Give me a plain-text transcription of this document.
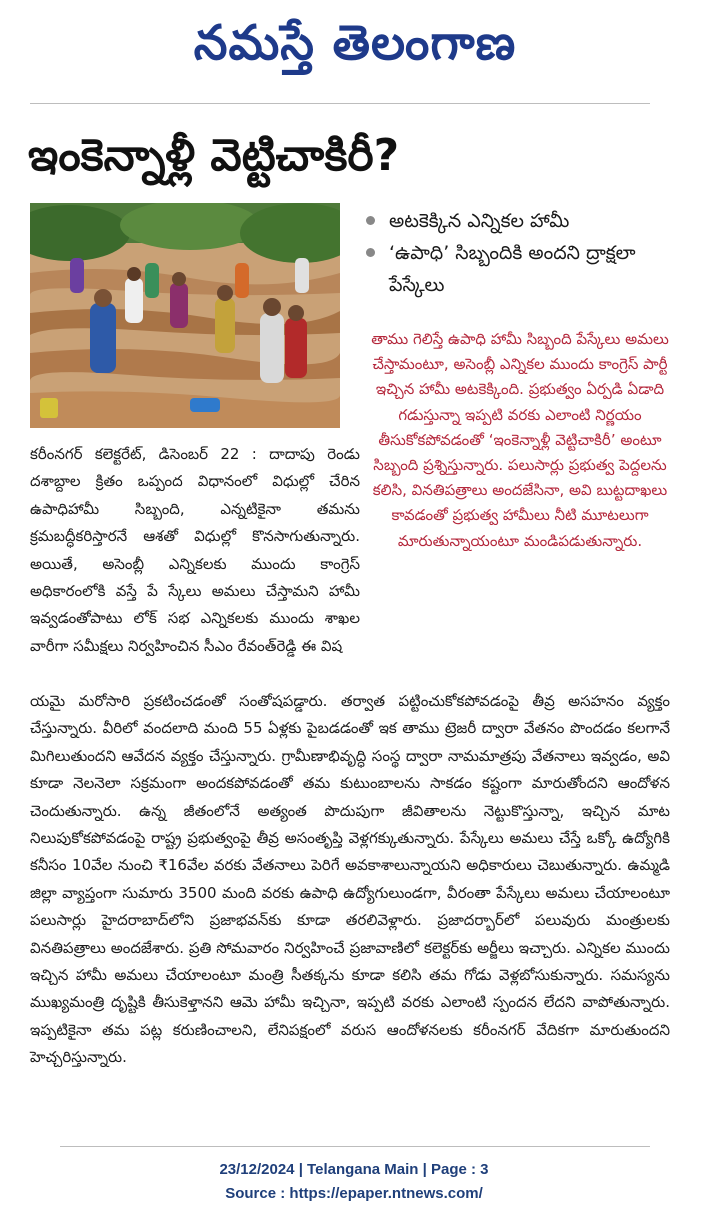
నమస్తే తెలంగాణ
ఇంకెన్నాళ్లీ వెట్టిచాకిరీ?
అటకెక్కిన ఎన్నికల హామీ
‘ఉపాధి’ సిబ్బందికి అందని ద్రాక్షలా పేస్కేలు
తాము గెలిస్తే ఉపాధి హామీ సిబ్బంది పేస్కేలు అమలు చేస్తామంటూ, అసెంబ్లీ ఎన్నికల ముందు కాంగ్రెస్ పార్టీ ఇచ్చిన హామీ అటకెక్కింది. ప్రభుత్వం ఏర్పడి ఏడాది గడుస్తున్నా ఇప్పటి వరకు ఎలాంటి నిర్ణయం తీసుకోకపోవడంతో ‘ఇంకెన్నాళ్లీ వెట్టిచాకిరీ’ అంటూ సిబ్బంది ప్రశ్నిస్తున్నారు. పలుసార్లు ప్రభుత్వ పెద్దలను కలిసి, వినతిపత్రాలు అందజేసినా, అవి బుట్టదాఖలు కావడంతో ప్రభుత్వ హామీలు నీటి మూటలుగా మారుతున్నాయంటూ మండిపడుతున్నారు.
కరీంనగర్ కలెక్టరేట్, డిసెంబర్ 22 : దాదాపు రెండు దశాబ్దాల క్రితం ఒప్పంద విధానంలో విధుల్లో చేరిన ఉపాధిహామీ సిబ్బంది, ఎన్నటికైనా తమను క్రమబద్ధీకరిస్తారనే ఆశతో విధుల్లో కొనసాగుతున్నారు. అయితే, అసెంబ్లీ ఎన్నికలకు ముందు కాంగ్రెస్ అధికారంలోకి వస్తే పే స్కేలు అమలు చేస్తామని హామీ ఇవ్వడంతోపాటు లోక్ సభ ఎన్నికలకు ముందు శాఖల వారీగా సమీక్షలు నిర్వహించిన సీఎం రేవంత్‌రెడ్డి ఈ విష
యమై మరోసారి ప్రకటించడంతో సంతోషపడ్డారు. తర్వాత పట్టించుకోకపోవడంపై తీవ్ర అసహనం వ్యక్తం చేస్తున్నారు. వీరిలో వందలాది మంది 55 ఏళ్లకు పైబడడంతో ఇక తాము ట్రెజరీ ద్వారా వేతనం పొందడం కలగానే మిగిలుతుందని ఆవేదన వ్యక్తం చేస్తున్నారు. గ్రామీణాభివృద్ధి సంస్థ ద్వారా నామమాత్రపు వేతనాలు ఇవ్వడం, అవి కూడా నెలనెలా సక్రమంగా అందకపోవడంతో తమ కుటుంబాలను సాకడం కష్టంగా మారుతోందని ఆందోళన చెందుతున్నారు. ఉన్న జీతంలోనే అత్యంత పొదుపుగా జీవితాలను నెట్టుకొస్తున్నా, ఇచ్చిన మాట నిలుపుకోకపోవడంపై రాష్ట్ర ప్రభుత్వంపై తీవ్ర అసంతృప్తి వెళ్లగక్కుతున్నారు. పేస్కేలు అమలు చేస్తే ఒక్కో ఉద్యోగికి కనీసం 10వేల నుంచి ₹16వేల వరకు వేతనాలు పెరిగే అవకాశాలున్నాయని అధికారులు చెబుతున్నారు. ఉమ్మడి జిల్లా వ్యాప్తంగా సుమారు 3500 మంది వరకు ఉపాధి ఉద్యోగులుండగా, వీరంతా పేస్కేలు అమలు చేయాలంటూ పలుసార్లు హైదరాబాద్‌లోని ప్రజాభవన్‌కు కూడా తరలివెళ్లారు. ప్రజాదర్బార్‌లో పలువురు మంత్రులకు వినతిపత్రాలు అందజేశారు. ప్రతి సోమవారం నిర్వహించే ప్రజావాణిలో కలెక్టర్‌కు అర్జీలు ఇచ్చారు. ఎన్నికల ముందు ఇచ్చిన హామీ అమలు చేయాలంటూ మంత్రి సీతక్కను కూడా కలిసి తమ గోడు వెళ్లబోసుకున్నారు. సమస్యను ముఖ్యమంత్రి దృష్టికి తీసుకెళ్తానని ఆమె హామీ ఇచ్చినా, ఇప్పటి వరకు ఎలాంటి స్పందన లేదని వాపోతున్నారు. ఇప్పటికైనా తమ పట్ల కరుణించాలని, లేనిపక్షంలో వరుస ఆందోళనలకు కరీంనగర్ వేదికగా మారుతుందని హెచ్చరిస్తున్నారు.
23/12/2024 | Telangana Main | Page : 3
Source : https://epaper.ntnews.com/
